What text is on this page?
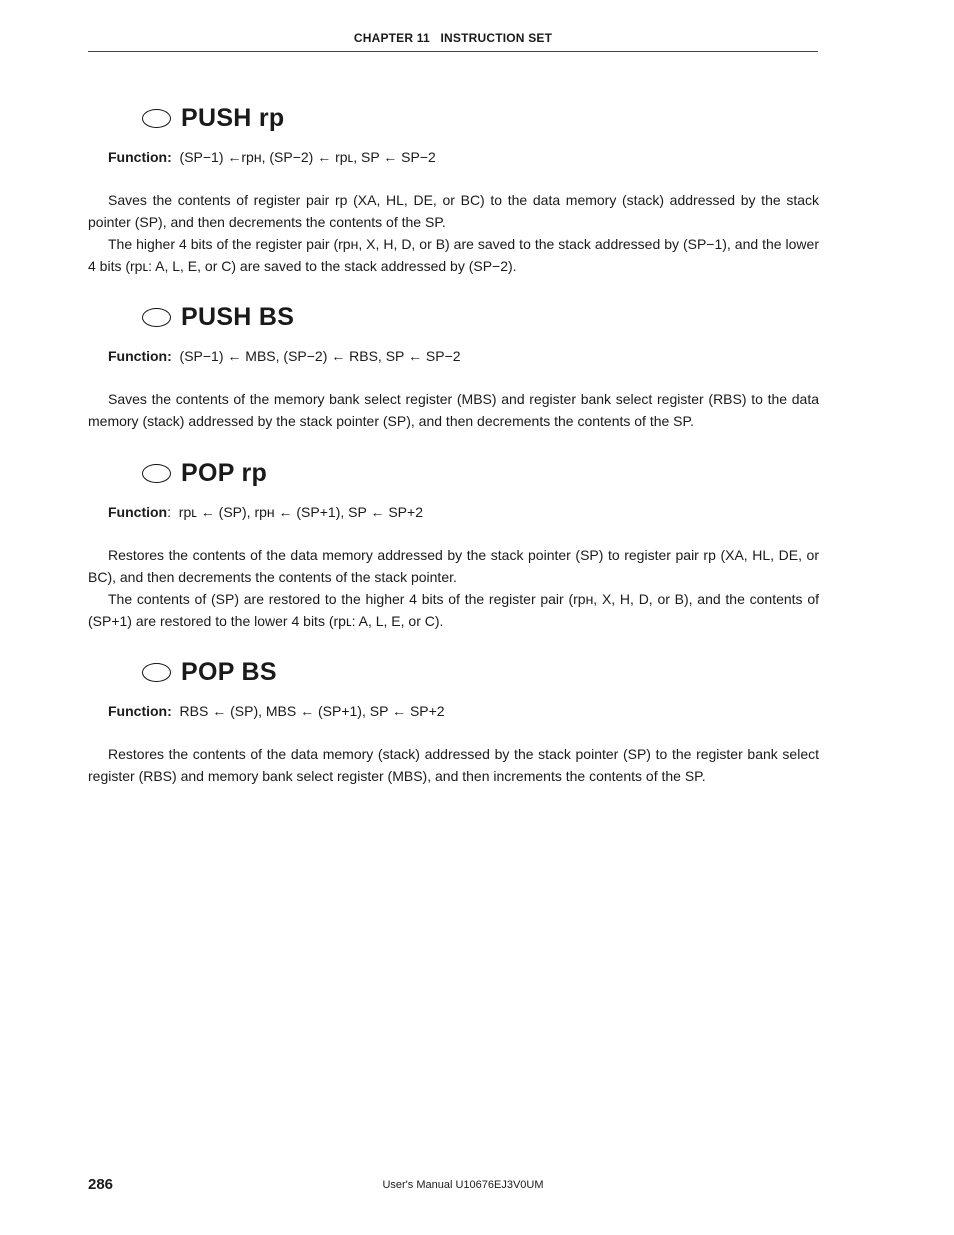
CHAPTER 11   INSTRUCTION SET
PUSH rp
Function:  (SP−1) ←rpʜ, (SP−2) ← rpʟ, SP ← SP−2

Saves the contents of register pair rp (XA, HL, DE, or BC) to the data memory (stack) addressed by the stack pointer (SP), and then decrements the contents of the SP.

The higher 4 bits of the register pair (rpʜ, X, H, D, or B) are saved to the stack addressed by (SP−1), and the lower 4 bits (rpʟ: A, L, E, or C) are saved to the stack addressed by (SP−2).

PUSH BS
Function:  (SP−1) ← MBS, (SP−2) ← RBS, SP ← SP−2

Saves the contents of the memory bank select register (MBS) and register bank select register (RBS) to the data memory (stack) addressed by the stack pointer (SP), and then decrements the contents of the SP.

POP rp
Function:  rpʟ ← (SP), rpʜ ← (SP+1), SP ← SP+2

Restores the contents of the data memory addressed by the stack pointer (SP) to register pair rp (XA, HL, DE, or BC), and then decrements the contents of the stack pointer.

The contents of (SP) are restored to the higher 4 bits of the register pair (rpʜ, X, H, D, or B), and the contents of (SP+1) are restored to the lower 4 bits (rpʟ: A, L, E, or C).

POP BS
Function:  RBS ← (SP), MBS ← (SP+1), SP ← SP+2

Restores the contents of the data memory (stack) addressed by the stack pointer (SP) to the register bank select register (RBS) and memory bank select register (MBS), and then increments the contents of the SP.

286	User's Manual U10676EJ3V0UM
